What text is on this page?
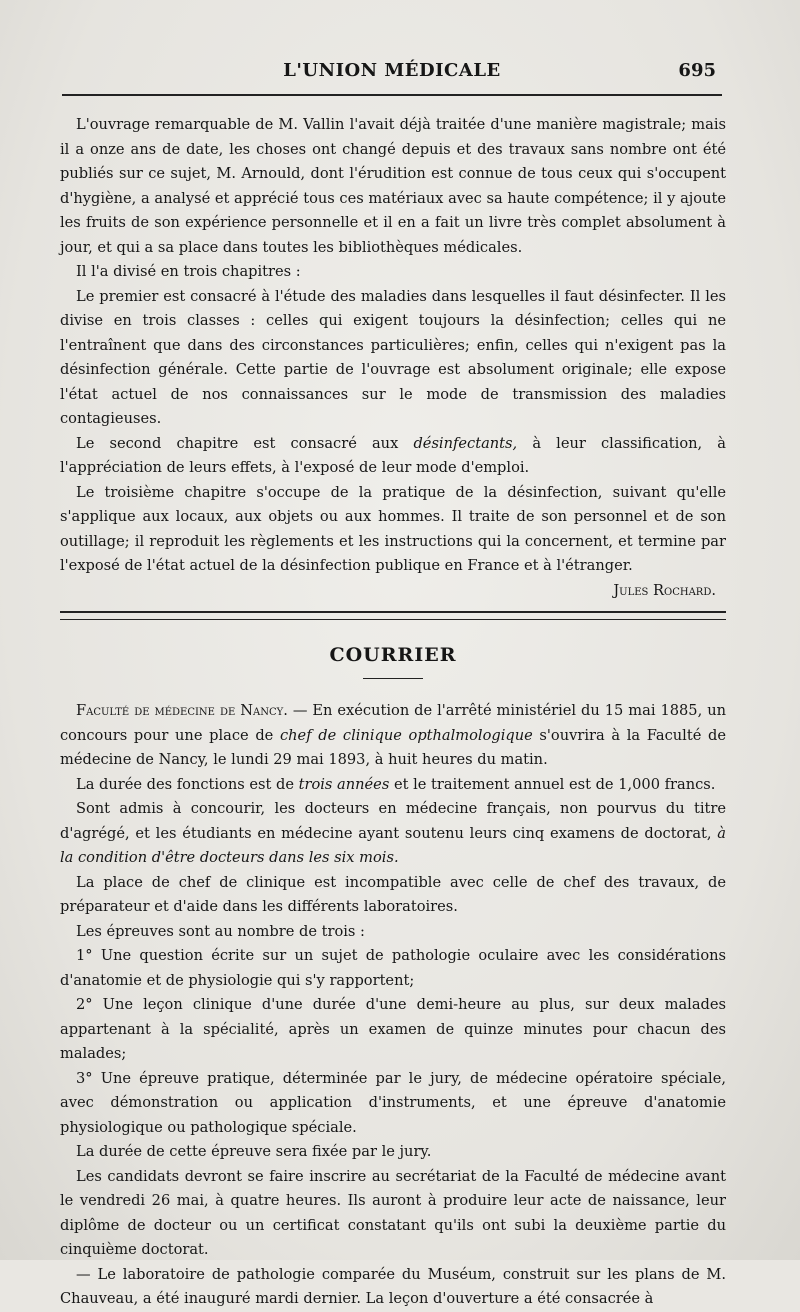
L'UNION MÉDICALE	695

L'ouvrage remarquable de M. Vallin l'avait déjà traitée d'une manière magistrale; mais il a onze ans de date, les choses ont changé depuis et des travaux sans nombre ont été publiés sur ce sujet, M. Arnould, dont l'érudition est connue de tous ceux qui s'occupent d'hygiène, a analysé et apprécié tous ces matériaux avec sa haute compétence; il y ajoute les fruits de son expérience personnelle et il en a fait un livre très complet absolument à jour, et qui a sa place dans toutes les bibliothèques médicales.

Il l'a divisé en trois chapitres :

Le premier est consacré à l'étude des maladies dans lesquelles il faut désinfecter. Il les divise en trois classes : celles qui exigent toujours la désinfection; celles qui ne l'entraînent que dans des circonstances particulières; enfin, celles qui n'exigent pas la désinfection générale. Cette partie de l'ouvrage est absolument originale; elle expose l'état actuel de nos connaissances sur le mode de transmission des maladies contagieuses.

Le second chapitre est consacré aux désinfectants, à leur classification, à l'appréciation de leurs effets, à l'exposé de leur mode d'emploi.

Le troisième chapitre s'occupe de la pratique de la désinfection, suivant qu'elle s'applique aux locaux, aux objets ou aux hommes. Il traite de son personnel et de son outillage; il reproduit les règlements et les instructions qui la concernent, et termine par l'exposé de l'état actuel de la désinfection publique en France et à l'étranger.

Jules Rochard.

COURRIER

Faculté de médecine de Nancy. — En exécution de l'arrêté ministériel du 15 mai 1885, un concours pour une place de chef de clinique opthalmologique s'ouvrira à la Faculté de médecine de Nancy, le lundi 29 mai 1893, à huit heures du matin.

La durée des fonctions est de trois années et le traitement annuel est de 1,000 francs.

Sont admis à concourir, les docteurs en médecine français, non pourvus du titre d'agrégé, et les étudiants en médecine ayant soutenu leurs cinq examens de doctorat, à la condition d'être docteurs dans les six mois.

La place de chef de clinique est incompatible avec celle de chef des travaux, de préparateur et d'aide dans les différents laboratoires.

Les épreuves sont au nombre de trois :

1° Une question écrite sur un sujet de pathologie oculaire avec les considérations d'anatomie et de physiologie qui s'y rapportent;

2° Une leçon clinique d'une durée d'une demi-heure au plus, sur deux malades appartenant à la spécialité, après un examen de quinze minutes pour chacun des malades;

3° Une épreuve pratique, déterminée par le jury, de médecine opératoire spéciale, avec démonstration ou application d'instruments, et une épreuve d'anatomie physiologique ou pathologique spéciale.

La durée de cette épreuve sera fixée par le jury.

Les candidats devront se faire inscrire au secrétariat de la Faculté de médecine avant le vendredi 26 mai, à quatre heures. Ils auront à produire leur acte de naissance, leur diplôme de docteur ou un certificat constatant qu'ils ont subi la deuxième partie du cinquième doctorat.

— Le laboratoire de pathologie comparée du Muséum, construit sur les plans de M. Chauveau, a été inauguré mardi dernier. La leçon d'ouverture a été consacrée à
